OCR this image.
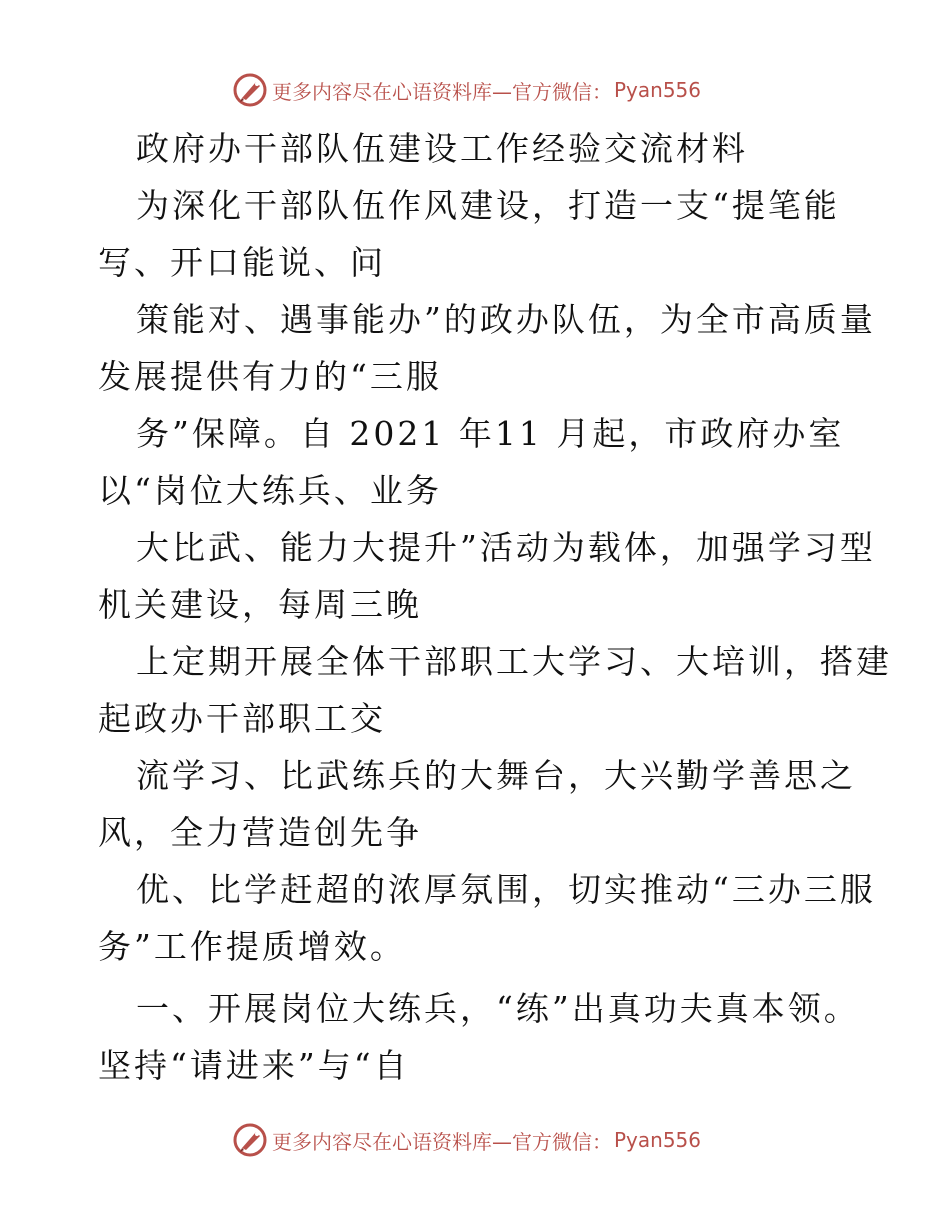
更多内容尽在心语资料库—官方微信： Pyan556
政府办干部队伍建设工作经验交流材料
为深化干部队伍作风建设，打造一支“提笔能
写、开口能说、问
策能对、遇事能办”的政办队伍，为全市高质量
发展提供有力的“三服
务”保障。自 2021 年11 月起，市政府办室
以“岗位大练兵、业务
大比武、能力大提升”活动为载体，加强学习型
机关建设，每周三晚
上定期开展全体干部职工大学习、大培训，搭建
起政办干部职工交
流学习、比武练兵的大舞台，大兴勤学善思之
风，全力营造创先争
优、比学赶超的浓厚氛围，切实推动“三办三服
务”工作提质增效。
一、开展岗位大练兵，“练”出真功夫真本领。
坚持“请进来”与“自
更多内容尽在心语资料库—官方微信： Pyan556
